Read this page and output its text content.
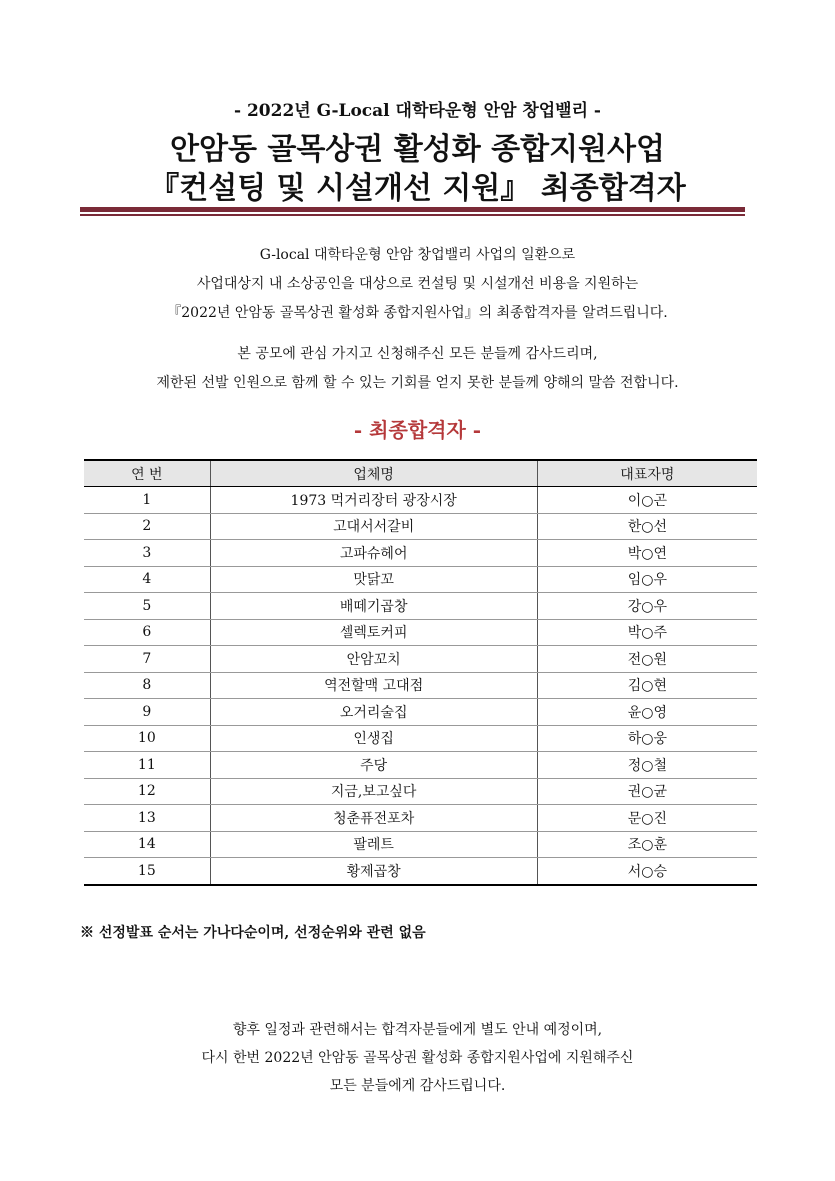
- 2022년 G-Local 대학타운형 안암 창업밸리 -
안암동 골목상권 활성화 종합지원사업
『컨설팅 및 시설개선 지원』 최종합격자
G-local 대학타운형 안암 창업밸리 사업의 일환으로
사업대상지 내 소상공인을 대상으로 컨설팅 및 시설개선 비용을 지원하는
『2022년 안암동 골목상권 활성화 종합지원사업』의 최종합격자를 알려드립니다.
본 공모에 관심 가지고 신청해주신 모든 분들께 감사드리며,
제한된 선발 인원으로 함께 할 수 있는 기회를 얻지 못한 분들께 양해의 말씀 전합니다.
- 최종합격자 -
연 번	업체명	대표자명
1	1973 먹거리장터 광장시장	이○곤
2	고대서서갈비	한○선
3	고파슈헤어	박○연
4	맛닭꼬	임○우
5	배떼기곱창	강○우
6	셀렉토커피	박○주
7	안암꼬치	전○원
8	역전할맥 고대점	김○현
9	오거리술집	윤○영
10	인생집	하○웅
11	주당	정○철
12	지금,보고싶다	권○균
13	청춘퓨전포차	문○진
14	팔레트	조○훈
15	황제곱창	서○승
※ 선정발표 순서는 가나다순이며, 선정순위와 관련 없음
향후 일정과 관련해서는 합격자분들에게 별도 안내 예정이며,
다시 한번 2022년 안암동 골목상권 활성화 종합지원사업에 지원해주신
모든 분들에게 감사드립니다.
